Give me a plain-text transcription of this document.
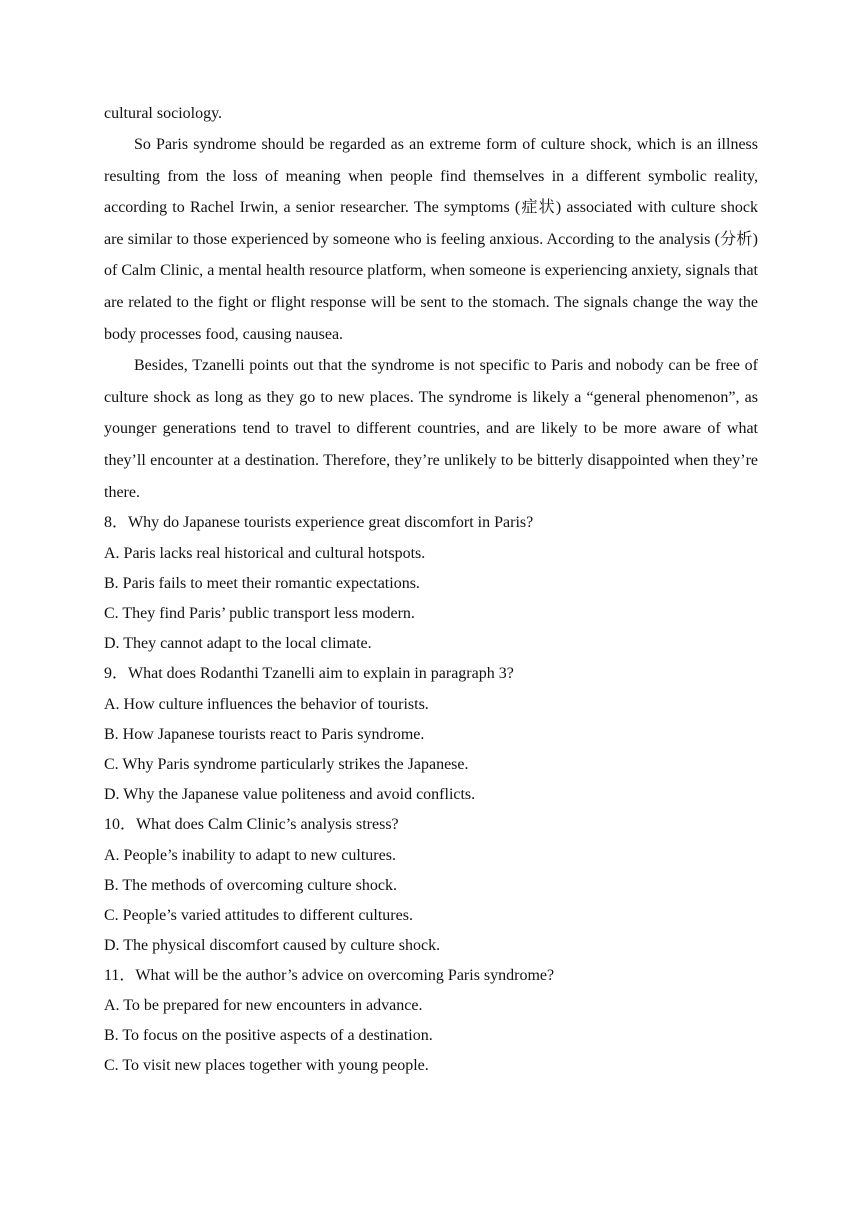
cultural sociology.
So Paris syndrome should be regarded as an extreme form of culture shock, which is an illness resulting from the loss of meaning when people find themselves in a different symbolic reality, according to Rachel Irwin, a senior researcher. The symptoms (症状) associated with culture shock are similar to those experienced by someone who is feeling anxious. According to the analysis (分析) of Calm Clinic, a mental health resource platform, when someone is experiencing anxiety, signals that are related to the fight or flight response will be sent to the stomach. The signals change the way the body processes food, causing nausea.
Besides, Tzanelli points out that the syndrome is not specific to Paris and nobody can be free of culture shock as long as they go to new places. The syndrome is likely a “general phenomenon”, as younger generations tend to travel to different countries, and are likely to be more aware of what they’ll encounter at a destination. Therefore, they’re unlikely to be bitterly disappointed when they’re there.
8．Why do Japanese tourists experience great discomfort in Paris?
A. Paris lacks real historical and cultural hotspots.
B. Paris fails to meet their romantic expectations.
C. They find Paris’ public transport less modern.
D. They cannot adapt to the local climate.
9．What does Rodanthi Tzanelli aim to explain in paragraph 3?
A. How culture influences the behavior of tourists.
B. How Japanese tourists react to Paris syndrome.
C. Why Paris syndrome particularly strikes the Japanese.
D. Why the Japanese value politeness and avoid conflicts.
10．What does Calm Clinic’s analysis stress?
A. People’s inability to adapt to new cultures.
B. The methods of overcoming culture shock.
C. People’s varied attitudes to different cultures.
D. The physical discomfort caused by culture shock.
11．What will be the author’s advice on overcoming Paris syndrome?
A. To be prepared for new encounters in advance.
B. To focus on the positive aspects of a destination.
C. To visit new places together with young people.
